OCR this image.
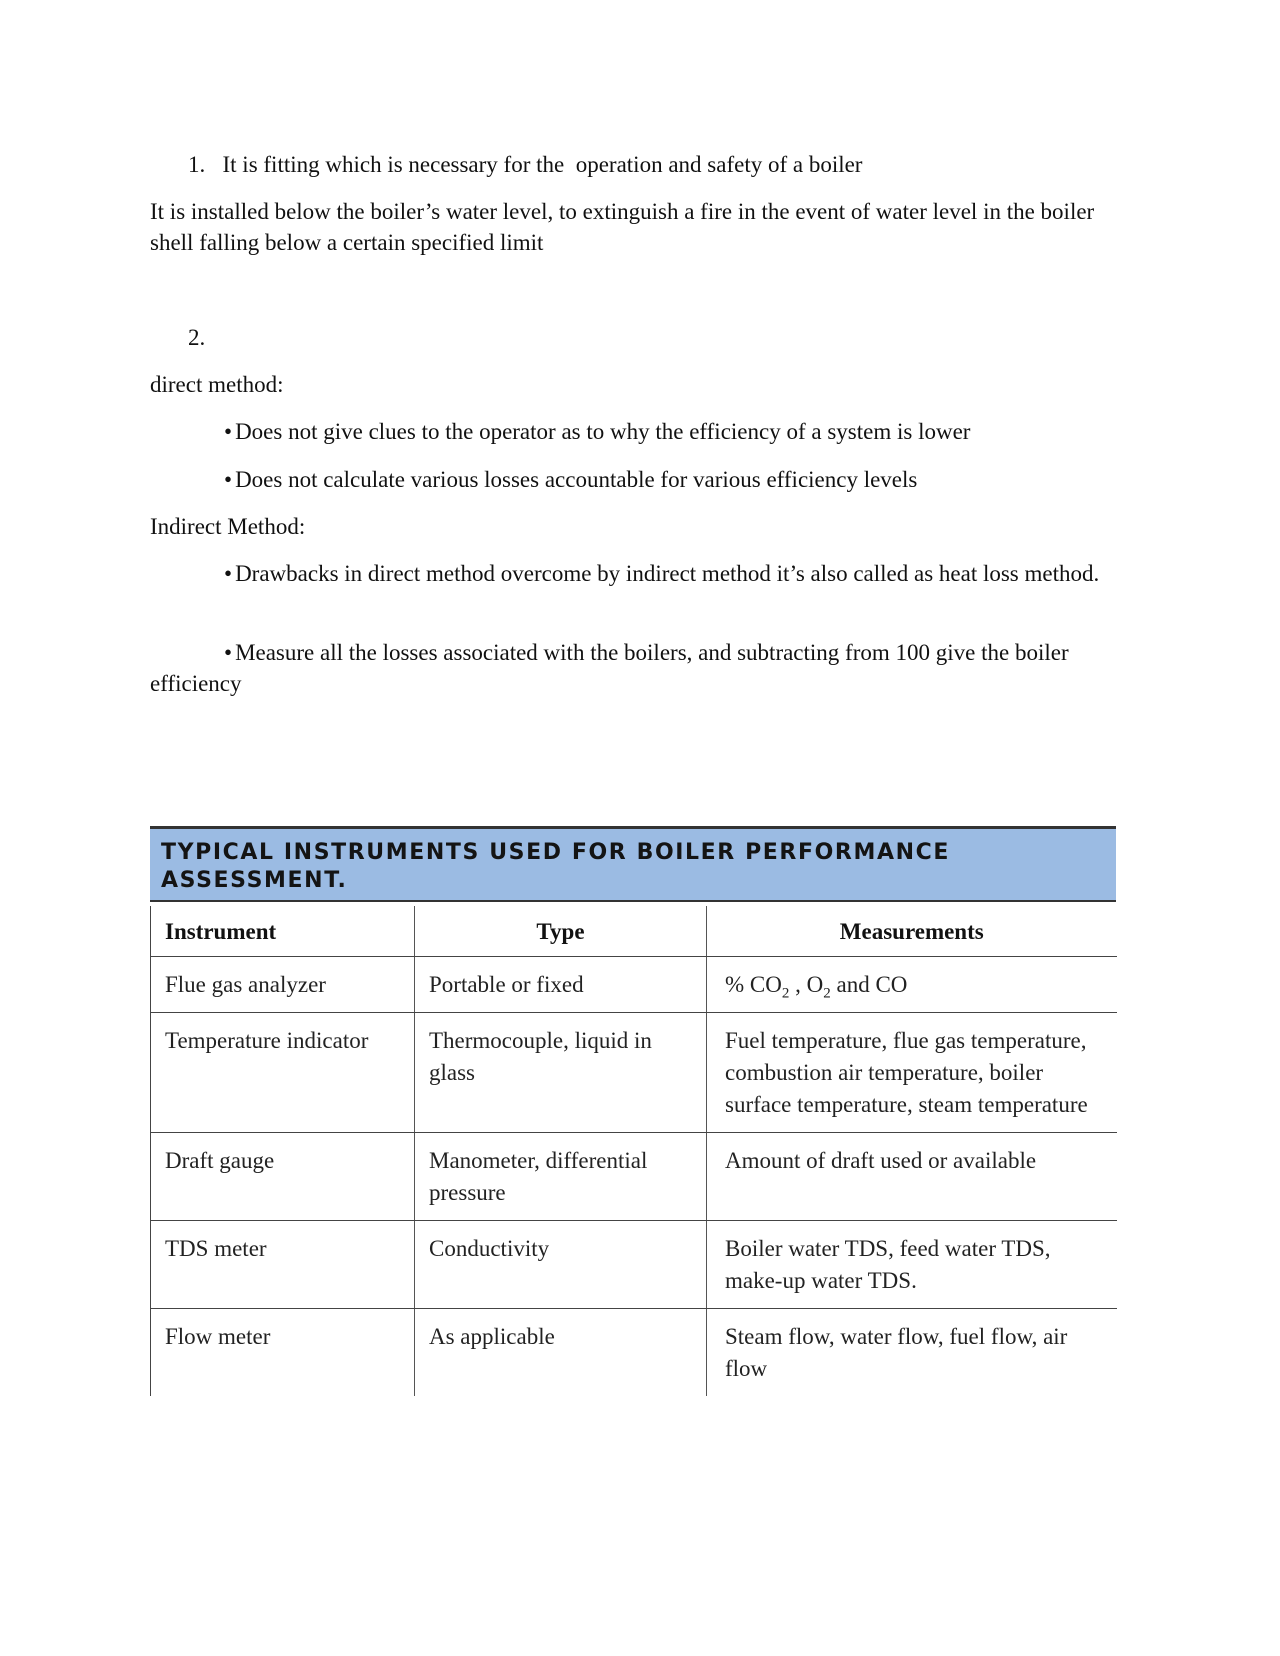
1. It is fitting which is necessary for the  operation and safety of a boiler
It is installed below the boiler’s water level, to extinguish a fire in the event of water level in the boiler shell falling below a certain specified limit
2.
direct method:
• Does not give clues to the operator as to why the efficiency of a system is lower
• Does not calculate various losses accountable for various efficiency levels
Indirect Method:
• Drawbacks in direct method overcome by indirect method it’s also called as heat loss method.
• Measure all the losses associated with the boilers, and subtracting from 100 give the boiler efficiency
TYPICAL INSTRUMENTS USED FOR BOILER PERFORMANCE ASSESSMENT.
Instrument	Type	Measurements
Flue gas analyzer	Portable or fixed	% $CO_2$ , $O_2$ and CO
Temperature indicator	Thermocouple, liquid in glass	Fuel temperature, flue gas temperature, combustion air temperature, boiler surface temperature, steam temperature
Draft gauge	Manometer, differential pressure	Amount of draft used or available
TDS meter	Conductivity	Boiler water TDS, feed water TDS, make-up water TDS.
Flow meter	As applicable	Steam flow, water flow, fuel flow, air flow
